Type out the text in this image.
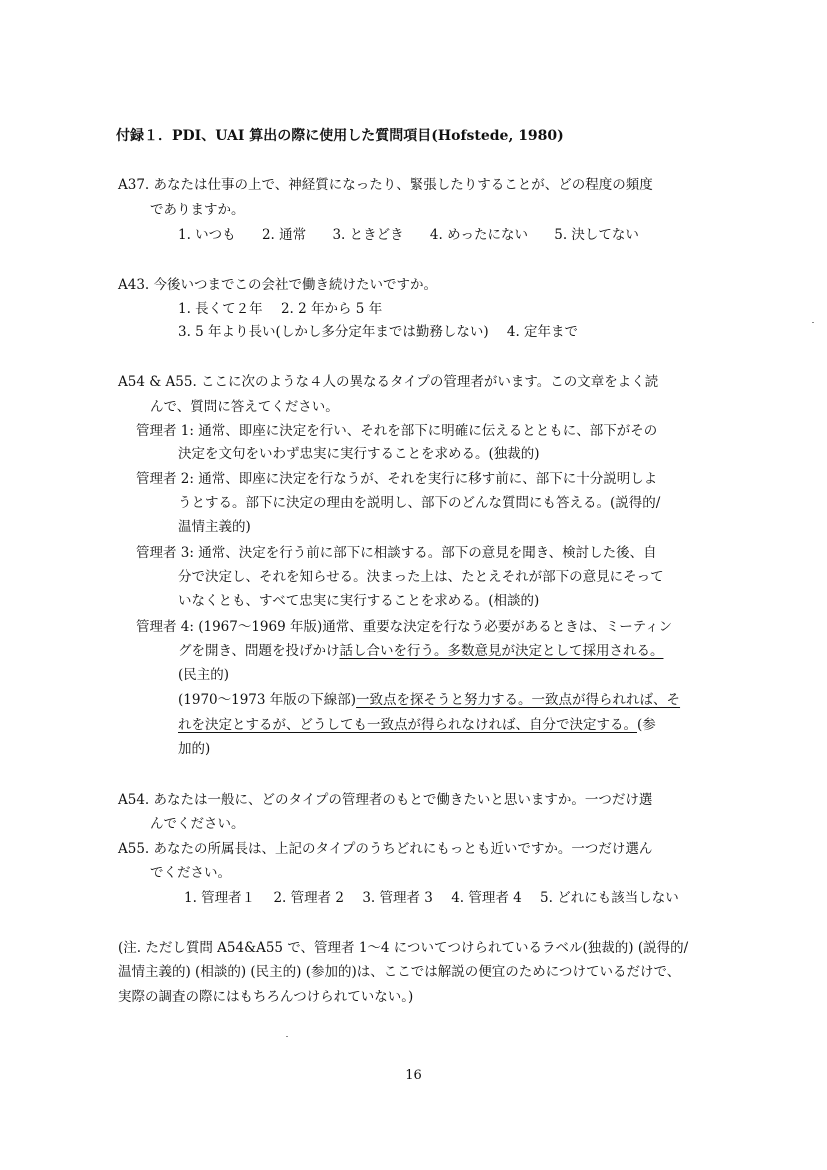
付録１．PDI、UAI 算出の際に使用した質問項目(Hofstede, 1980)
A37. あなたは仕事の上で、神経質になったり、緊張したりすることが、どの程度の頻度
でありますか。
1. いつも 2. 通常 3. ときどき 4. めったにない 5. 決してない
A43. 今後いつまでこの会社で働き続けたいですか。
1. 長くて２年 2. 2 年から 5 年
3. 5 年より長い(しかし多分定年までは勤務しない) 4. 定年まで
A54 & A55. ここに次のような４人の異なるタイプの管理者がいます。この文章をよく読
んで、質問に答えてください。
管理者 1: 通常、即座に決定を行い、それを部下に明確に伝えるとともに、部下がその
決定を文句をいわず忠実に実行することを求める。(独裁的)
管理者 2: 通常、即座に決定を行なうが、それを実行に移す前に、部下に十分説明しよ
うとする。部下に決定の理由を説明し、部下のどんな質問にも答える。(説得的/
温情主義的)
管理者 3: 通常、決定を行う前に部下に相談する。部下の意見を聞き、検討した後、自
分で決定し、それを知らせる。決まった上は、たとえそれが部下の意見にそって
いなくとも、すべて忠実に実行することを求める。(相談的)
管理者 4: (1967〜1969 年版)通常、重要な決定を行なう必要があるときは、ミーティン
グを開き、問題を投げかけ話し合いを行う。多数意見が決定として採用される。
(民主的)
(1970〜1973 年版の下線部)一致点を探そうと努力する。一致点が得られれば、そ
れを決定とするが、どうしても一致点が得られなければ、自分で決定する。(参
加的)
A54. あなたは一般に、どのタイプの管理者のもとで働きたいと思いますか。一つだけ選
んでください。
A55. あなたの所属長は、上記のタイプのうちどれにもっとも近いですか。一つだけ選ん
でください。
1. 管理者１ 2. 管理者 2 3. 管理者 3 4. 管理者 4 5. どれにも該当しない
(注. ただし質問 A54&A55 で、管理者 1〜4 についてつけられているラベル(独裁的) (説得的/
温情主義的) (相談的) (民主的) (参加的)は、ここでは解説の便宜のためにつけているだけで、
実際の調査の際にはもちろんつけられていない。)
16
